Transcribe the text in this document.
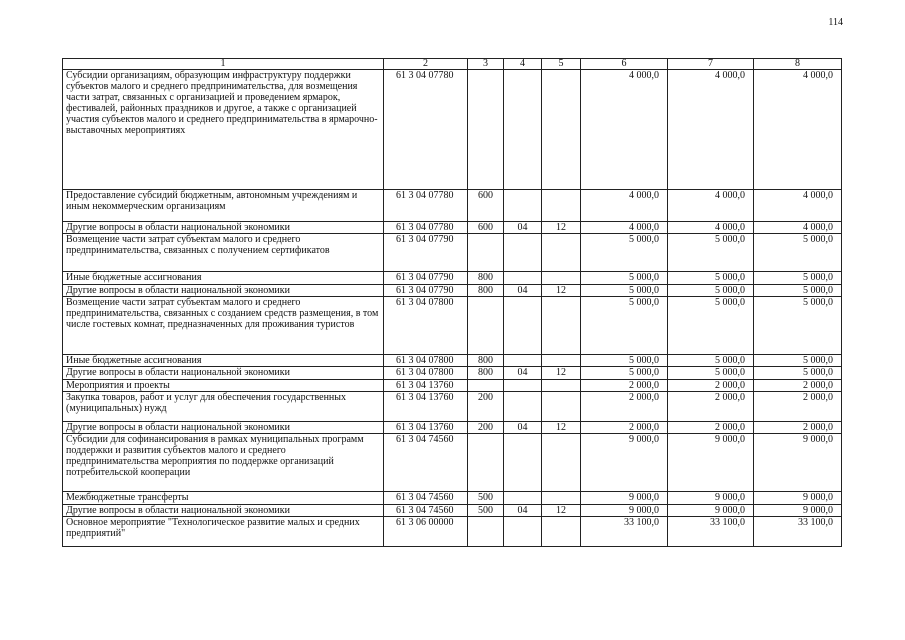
114
1	2	3	4	5	6	7	8
Субсидии организациям, образующим инфраструктуру поддержки субъектов малого и среднего предпринимательства, для возмещения части затрат, связанных с организацией и проведением ярмарок, фестивалей, районных праздников и другое, а также с организацией участия субъектов малого и среднего предпринимательства в ярмарочно-выставочных мероприятиях	61 3 04 07780				4 000,0	4 000,0	4 000,0
Предоставление субсидий бюджетным, автономным учреждениям и иным некоммерческим организациям	61 3 04 07780	600			4 000,0	4 000,0	4 000,0
Другие вопросы в области национальной экономики	61 3 04 07780	600	04	12	4 000,0	4 000,0	4 000,0
Возмещение части затрат субъектам малого и среднего предпринимательства, связанных с получением сертификатов	61 3 04 07790				5 000,0	5 000,0	5 000,0
Иные бюджетные ассигнования	61 3 04 07790	800			5 000,0	5 000,0	5 000,0
Другие вопросы в области национальной экономики	61 3 04 07790	800	04	12	5 000,0	5 000,0	5 000,0
Возмещение части затрат субъектам малого и среднего предпринимательства, связанных с созданием средств размещения, в том числе гостевых комнат, предназначенных для проживания туристов	61 3 04 07800				5 000,0	5 000,0	5 000,0
Иные бюджетные ассигнования	61 3 04 07800	800			5 000,0	5 000,0	5 000,0
Другие вопросы в области национальной экономики	61 3 04 07800	800	04	12	5 000,0	5 000,0	5 000,0
Мероприятия и проекты	61 3 04 13760				2 000,0	2 000,0	2 000,0
Закупка товаров, работ и услуг для обеспечения государственных (муниципальных) нужд	61 3 04 13760	200			2 000,0	2 000,0	2 000,0
Другие вопросы в области национальной экономики	61 3 04 13760	200	04	12	2 000,0	2 000,0	2 000,0
Субсидии для софинансирования в рамках муниципальных программ поддержки и развития субъектов малого и среднего предпринимательства мероприятия по поддержке организаций потребительской кооперации	61 3 04 74560				9 000,0	9 000,0	9 000,0
Межбюджетные трансферты	61 3 04 74560	500			9 000,0	9 000,0	9 000,0
Другие вопросы в области национальной экономики	61 3 04 74560	500	04	12	9 000,0	9 000,0	9 000,0
Основное мероприятие "Технологическое развитие малых и средних предприятий"	61 3 06 00000				33 100,0	33 100,0	33 100,0
